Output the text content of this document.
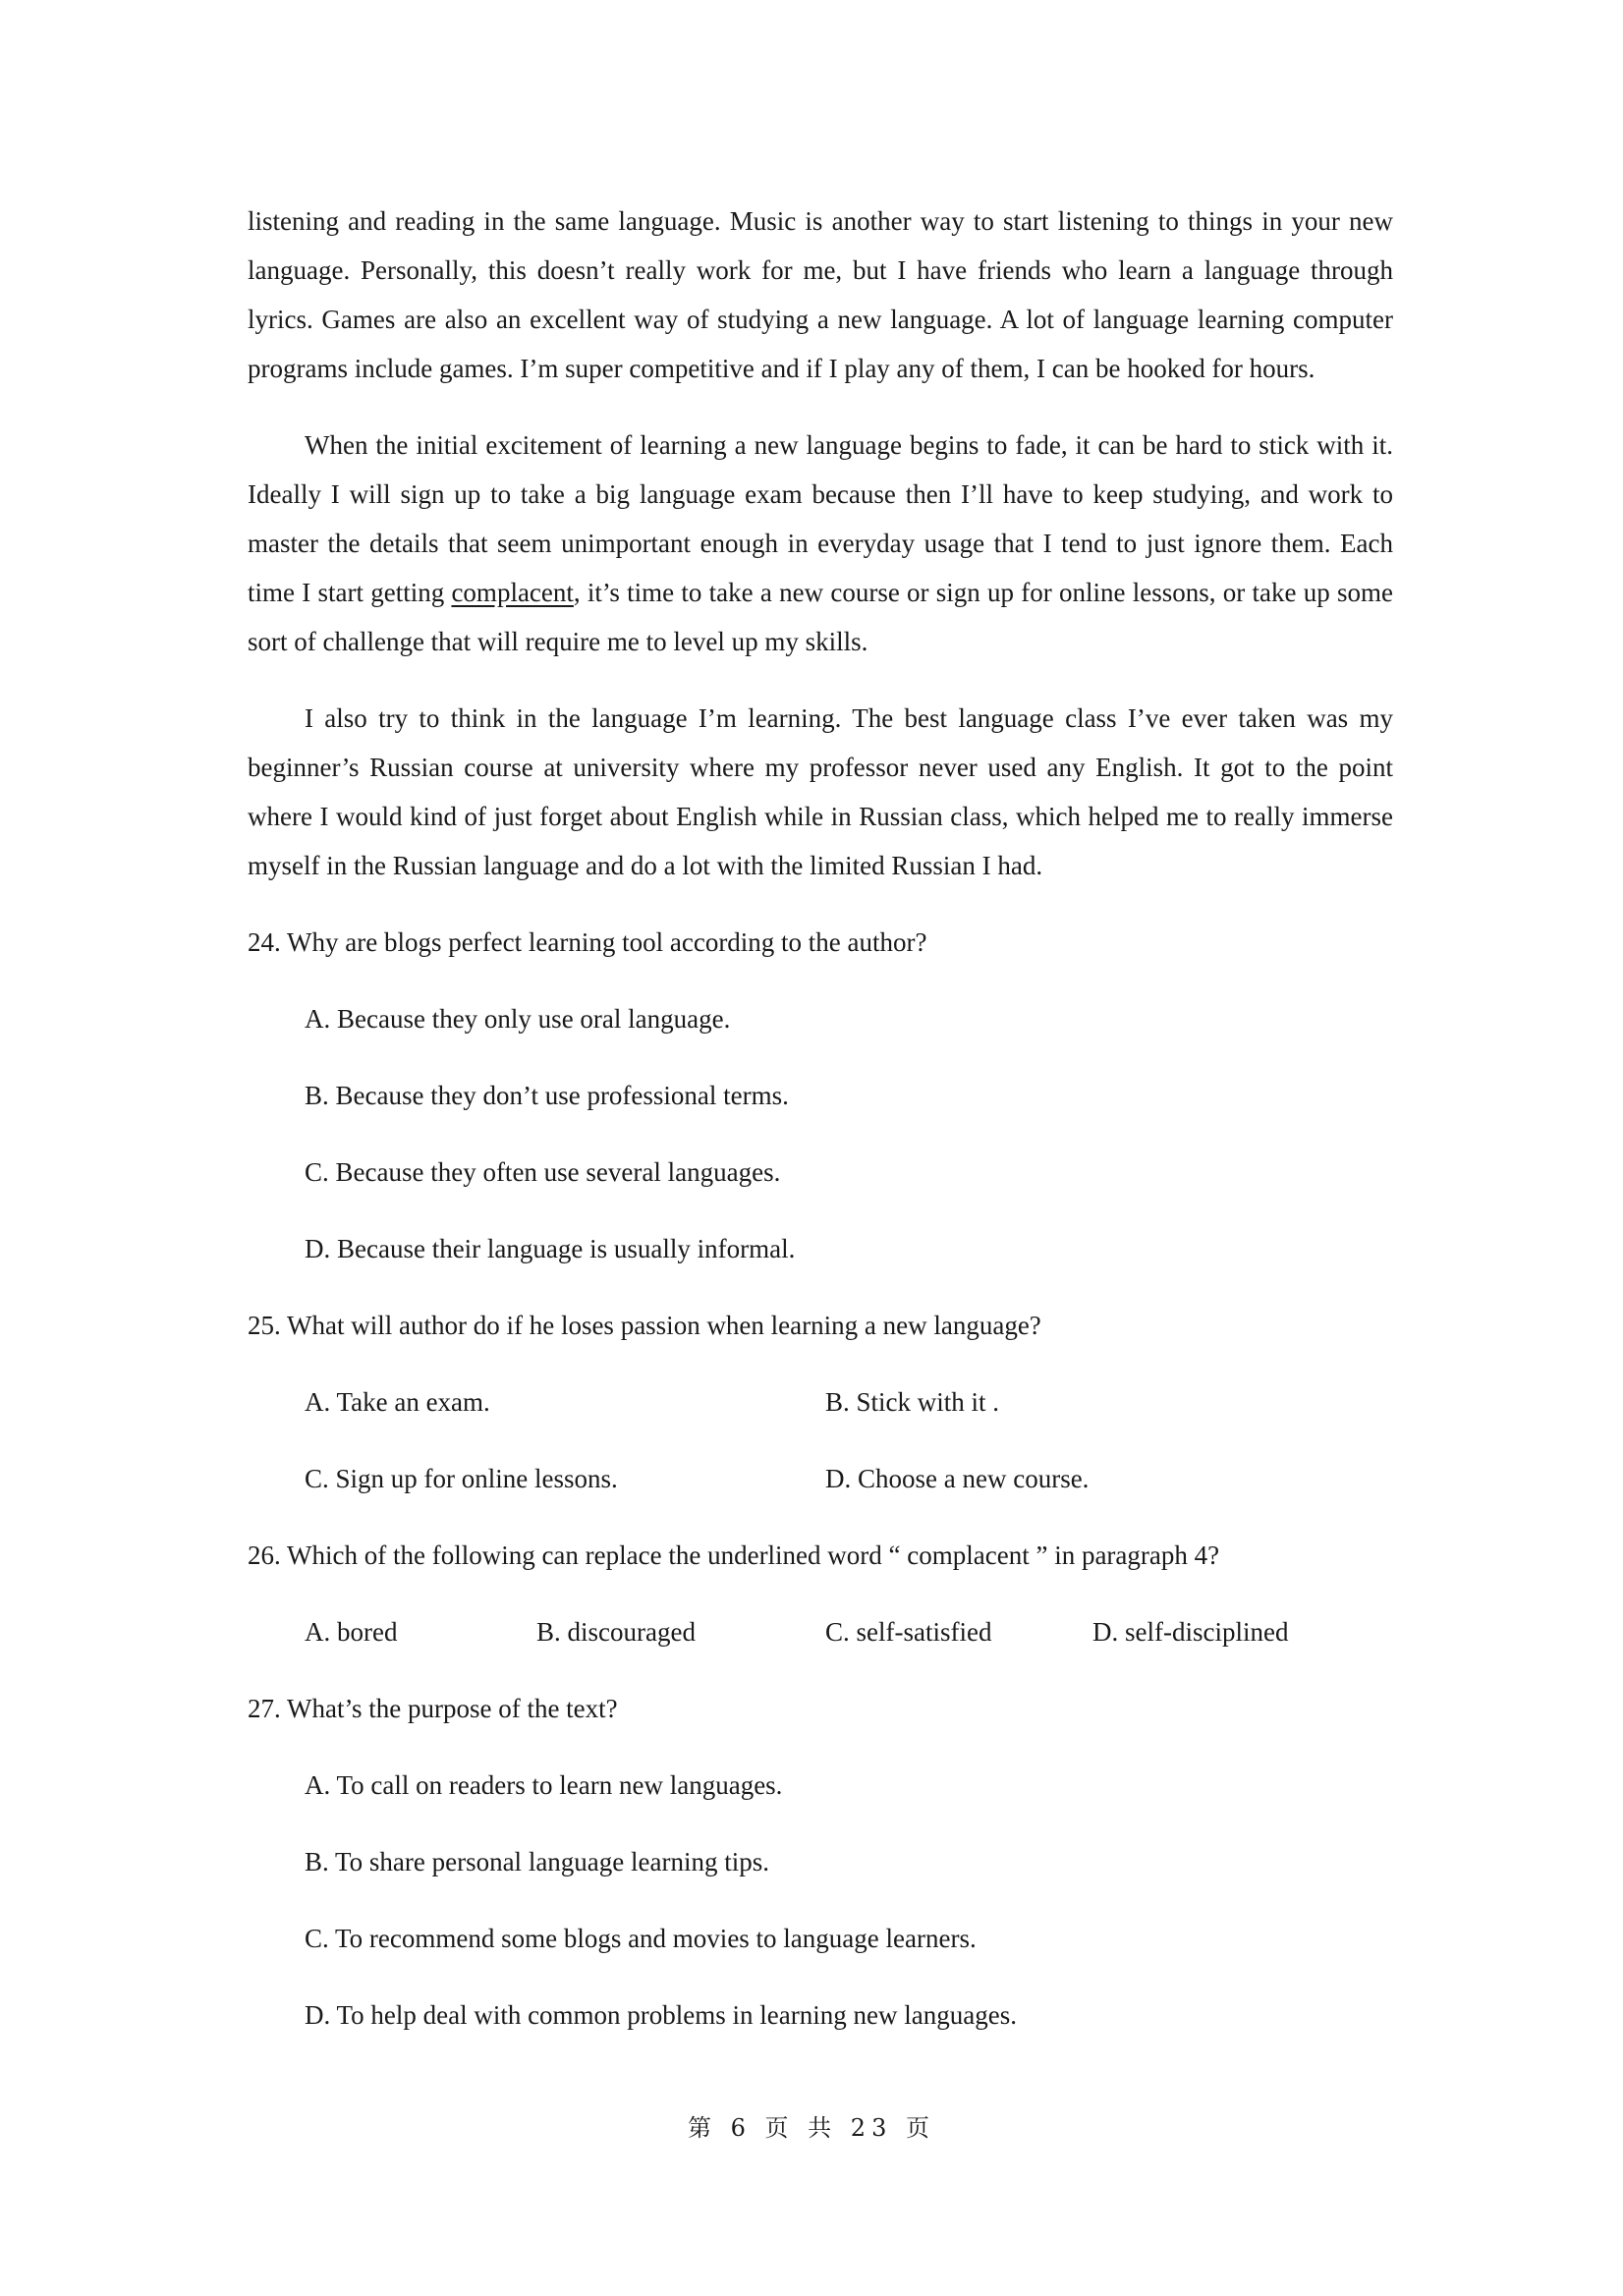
listening and reading in the same language. Music is another way to start listening to things in your new language. Personally, this doesn’t really work for me, but I have friends who learn a language through lyrics. Games are also an excellent way of studying a new language. A lot of language learning computer programs include games. I’m super competitive and if I play any of them, I can be hooked for hours.

When the initial excitement of learning a new language begins to fade, it can be hard to stick with it. Ideally I will sign up to take a big language exam because then I’ll have to keep studying, and work to master the details that seem unimportant enough in everyday usage that I tend to just ignore them. Each time I start getting complacent, it’s time to take a new course or sign up for online lessons, or take up some sort of challenge that will require me to level up my skills.

I also try to think in the language I’m learning. The best language class I’ve ever taken was my beginner’s Russian course at university where my professor never used any English. It got to the point where I would kind of just forget about English while in Russian class, which helped me to really immerse myself in the Russian language and do a lot with the limited Russian I had.

24. Why are blogs perfect learning tool according to the author?
A. Because they only use oral language.
B. Because they don’t use professional terms.
C. Because they often use several languages.
D. Because their language is usually informal.
25. What will author do if he loses passion when learning a new language?
A. Take an exam.	B. Stick with it .
C. Sign up for online lessons.	D. Choose a new course.
26. Which of the following can replace the underlined word “ complacent ” in paragraph 4?
A. bored	B. discouraged	C. self-satisfied	D. self-disciplined
27. What’s the purpose of the text?
A. To call on readers to learn new languages.
B. To share personal language learning tips.
C. To recommend some blogs and movies to language learners.
D. To help deal with common problems in learning new languages.
第 6 页 共 23 页
